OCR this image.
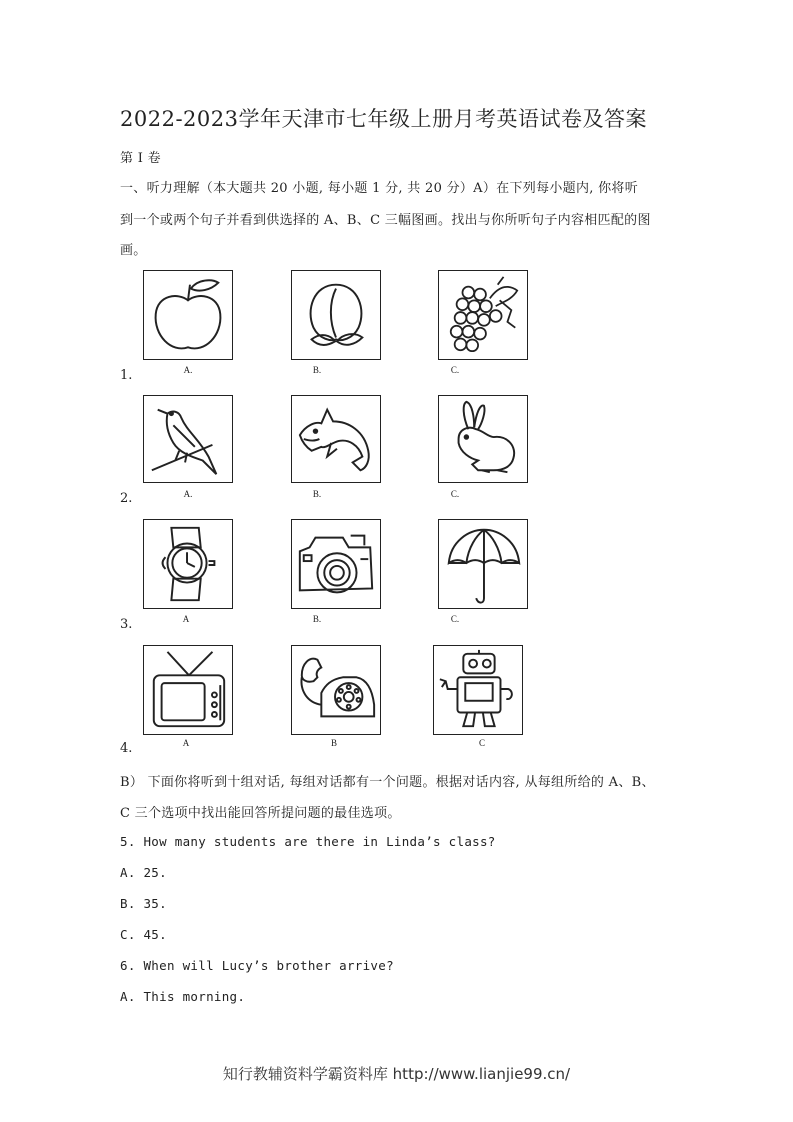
2022-2023学年天津市七年级上册月考英语试卷及答案
第 I 卷
一、听力理解（本大题共 20 小题, 每小题 1 分, 共 20 分）A）在下列每小题内, 你将听
到一个或两个句子并看到供选择的 A、B、C 三幅图画。找出与你所听句子内容相匹配的图
画。
1.	A.	B.	C.
2.	A.	B.	C.
3.	A	B.	C.
4.	A	B	C
B） 下面你将听到十组对话, 每组对话都有一个问题。根据对话内容, 从每组所给的 A、B、
C 三个选项中找出能回答所提问题的最佳选项。
5. How many students are there in Linda’s class?
A. 25.
B. 35.
C. 45.
6. When will Lucy’s brother arrive?
A. This morning.
知行教辅资料学霸资料库 http://www.lianjie99.cn/
